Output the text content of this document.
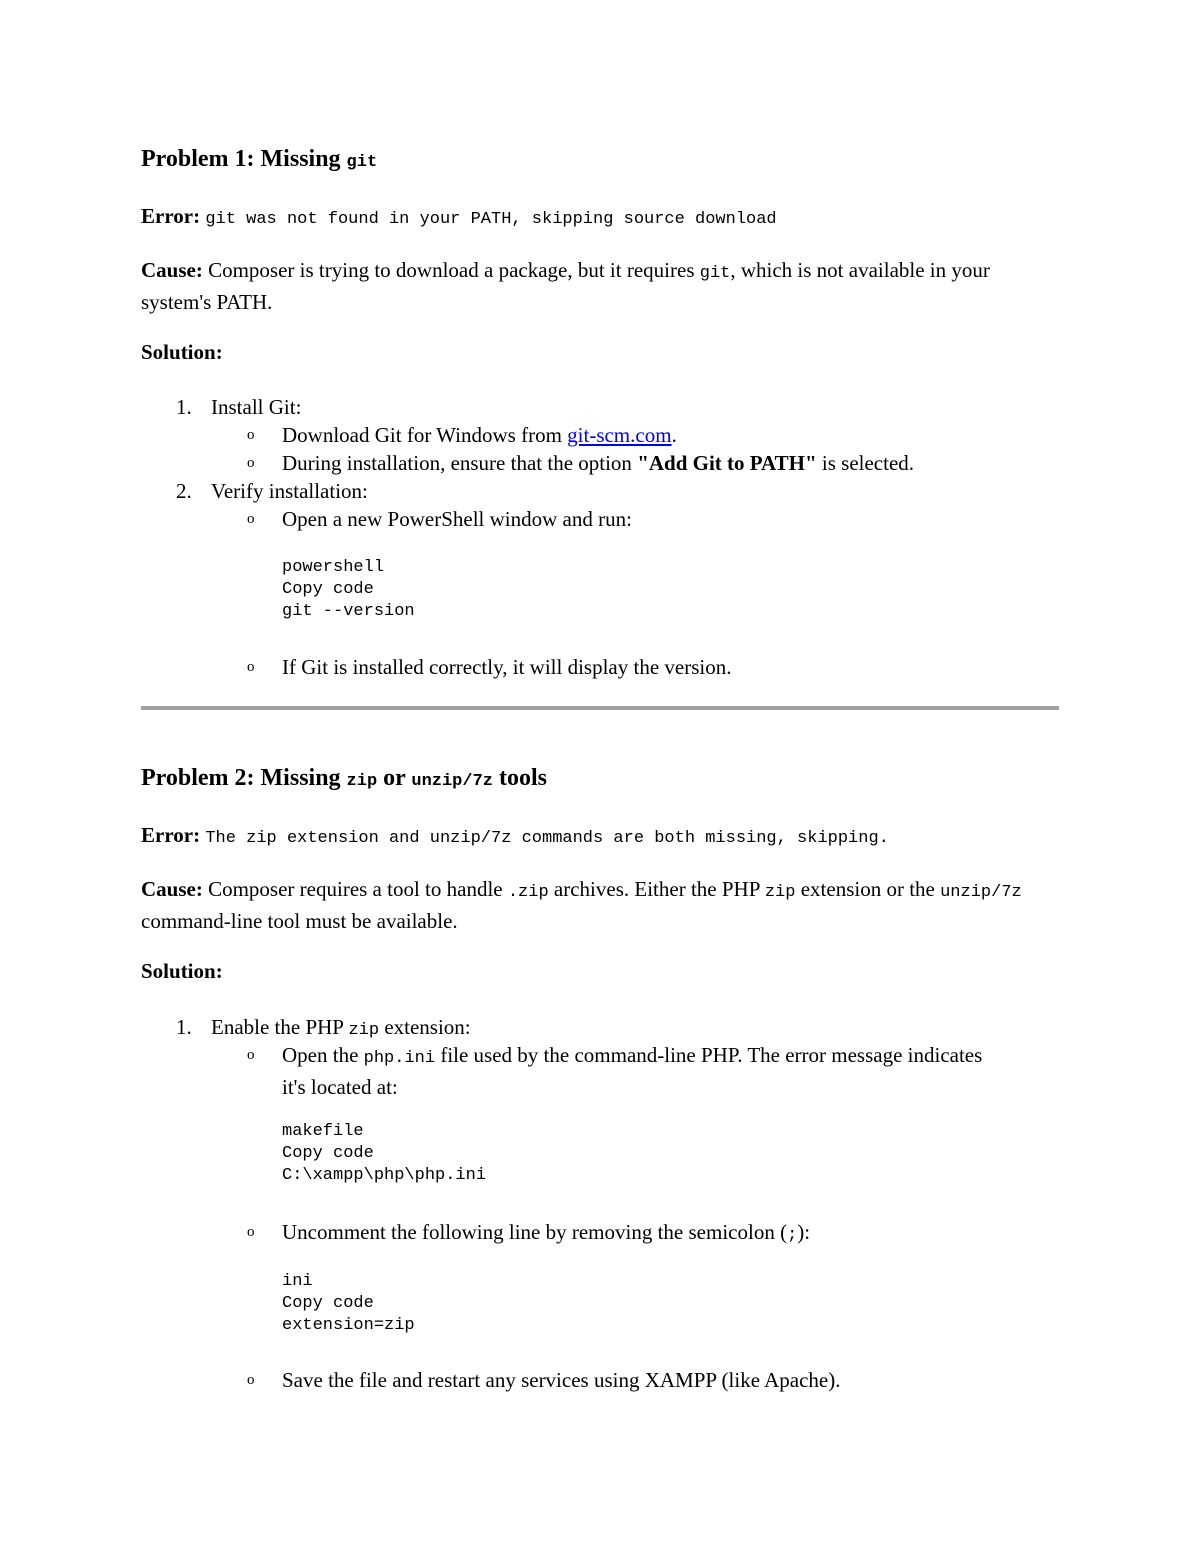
Problem 1: Missing git

Error: git was not found in your PATH, skipping source download

Cause: Composer is trying to download a package, but it requires git, which is not available in your system's PATH.

Solution:

1. Install Git:
o Download Git for Windows from git-scm.com.
o During installation, ensure that the option "Add Git to PATH" is selected.
2. Verify installation:
o Open a new PowerShell window and run:
powershell
Copy code
git --version
o If Git is installed correctly, it will display the version.
Problem 2: Missing zip or unzip/7z tools

Error: The zip extension and unzip/7z commands are both missing, skipping.

Cause: Composer requires a tool to handle .zip archives. Either the PHP zip extension or the unzip/7z command-line tool must be available.

Solution:

1. Enable the PHP zip extension:
o Open the php.ini file used by the command-line PHP. The error message indicates it's located at:
makefile
Copy code
C:\xampp\php\php.ini
o Uncomment the following line by removing the semicolon (;):
ini
Copy code
extension=zip
o Save the file and restart any services using XAMPP (like Apache).
